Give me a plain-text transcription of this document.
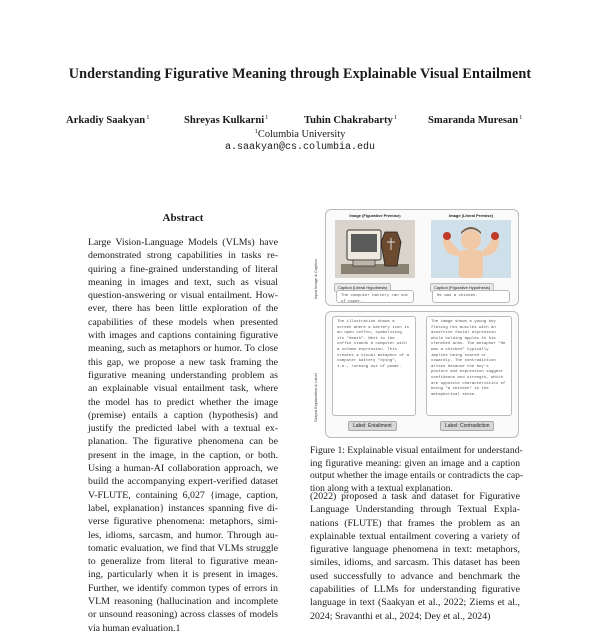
Understanding Figurative Meaning through Explainable Visual Entailment
Arkadiy Saakyan$^1$	Shreyas Kulkarni$^1$	Tuhin Chakrabarty$^1$	Smaranda Muresan$^1$
$^1$Columbia University
a.saakyan@cs.columbia.edu
Abstract
Large Vision-Language Models (VLMs) have
demonstrated strong capabilities in tasks re-
quiring a fine-grained understanding of literal
meaning in images and text, such as visual
question-answering or visual entailment. How-
ever, there has been little exploration of the
capabilities of these models when presented
with images and captions containing figurative
meaning, such as metaphors or humor. To close
this gap, we propose a new task framing the
figurative meaning understanding problem as
an explainable visual entailment task, where
the model has to predict whether the image
(premise) entails a caption (hypothesis) and
justify the predicted label with a textual ex-
planation. The figurative phenomena can be
present in the image, in the caption, or both.
Using a human-AI collaboration approach, we
build the accompanying expert-verified dataset
V-FLUTE, containing 6,027 {image, caption,
label, explanation} instances spanning five di-
verse figurative phenomena: metaphors, simi-
les, idioms, sarcasm, and humor. Through au-
tomatic evaluation, we find that VLMs struggle
to generalize from literal to figurative mean-
ing, particularly when it is present in images.
Further, we identify common types of errors in
VLM reasoning (hallucination and incomplete
or unsound reasoning) across classes of models
via human evaluation.1
Input Image & Caption
Output Explanation & Label
Image (Figurative Premise)
Caption (Literal Hypothesis)
The computer battery ran out of power.
Image (Literal Premise)
Caption (Figurative Hypothesis)
He was a chicken.
The illustration shows a screen where a battery icon is an open coffin, symbolizing its "death". Next to the coffin stands a computer with a solemn expression. This creates a visual metaphor of a computer battery "dying", i.e., running out of power.
Label: Entailment
The image shows a young boy flexing his muscles with an assertive facial expression while holding apples in his clenched arms. The metaphor "He was a chicken" typically implies being scared or cowardly. The contradiction arises because the boy's posture and expression suggest confidence and strength, which are opposite characteristics of being "a chicken" in the metaphorical sense.
Label: Contradiction
Figure 1: Explainable visual entailment for understand-
ing figurative meaning: given an image and a caption
output whether the image entails or contradicts the cap-
tion along with a textual explanation.
(2022) proposed a task and dataset for Figurative
Language Understanding through Textual Expla-
nations (FLUTE) that frames the problem as an
explainable textual entailment covering a variety of
figurative language phenomena in text: metaphors,
similes, idioms, and sarcasm. This dataset has been
used successfully to advance and benchmark the
capabilities of LLMs for understanding figurative
language in text (Saakyan et al., 2022; Ziems et al.,
2024; Sravanthi et al., 2024; Dey et al., 2024)
